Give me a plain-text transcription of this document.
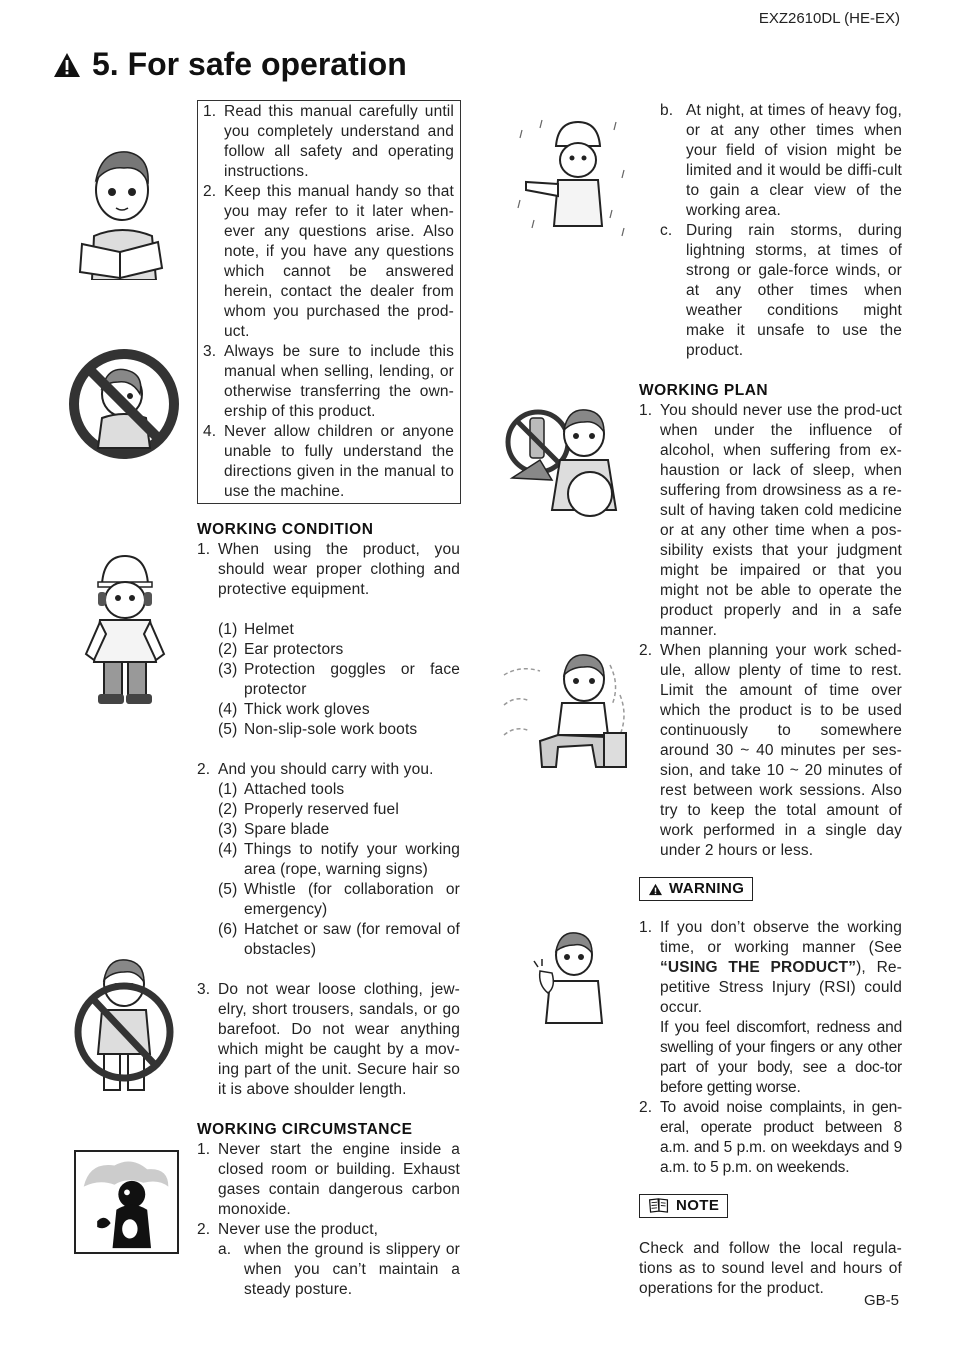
EXZ2610DL (HE-EX)
5. For safe operation
1. Read this manual carefully until you completely understand and follow all safety and operating instructions.
2. Keep this manual handy so that you may refer to it later when-ever any questions arise. Also note, if you have any questions which cannot be answered herein, contact the dealer from whom you purchased the prod-uct.
3. Always be sure to include this manual when selling, lending, or otherwise transferring the own-ership of this product.
4. Never allow children or anyone unable to fully understand the directions given in the manual to use the machine.
WORKING CONDITION
1. When using the product, you should wear proper clothing and protective equipment.
(1) Helmet
(2) Ear protectors
(3) Protection goggles or face protector
(4) Thick work gloves
(5) Non-slip-sole work boots
2. And you should carry with you.
(1) Attached tools
(2) Properly reserved fuel
(3) Spare blade
(4) Things to notify your working area (rope, warning signs)
(5) Whistle (for collaboration or emergency)
(6) Hatchet or saw (for removal of obstacles)
3. Do not wear loose clothing, jew-elry, short trousers, sandals, or go barefoot. Do not wear anything which might be caught by a mov-ing part of the unit. Secure hair so it is above shoulder length.
WORKING CIRCUMSTANCE
1. Never start the engine inside a closed room or building. Exhaust gases contain dangerous carbon monoxide.
2. Never use the product,
a. when the ground is slippery or when you can’t maintain a steady posture.
b. At night, at times of heavy fog, or at any other times when your field of vision might be limited and it would be diffi-cult to gain a clear view of the working area.
c. During rain storms, during lightning storms, at times of strong or gale-force winds, or at any other times when weather conditions might make it unsafe to use the product.
WORKING PLAN
1. You should never use the prod-uct when under the influence of alcohol, when suffering from ex-haustion or lack of sleep, when suffering from drowsiness as a re-sult of having taken cold medicine or at any other time when a pos-sibility exists that your judgment might be impaired or that you might not be able to operate the product properly and in a safe manner.
2. When planning your work sched-ule, allow plenty of time to rest. Limit the amount of time over which the product is to be used continuously to somewhere around 30 ~ 40 minutes per ses-sion, and take 10 ~ 20 minutes of rest between work sessions. Also try to keep the total amount of work performed in a single day under 2 hours or less.
WARNING
1. If you don’t observe the working time, or working manner (See “USING THE PRODUCT”), Re-petitive Stress Injury (RSI) could occur.
If you feel discomfort, redness and swelling of your fingers or any other part of your body, see a doc-tor before getting worse.
2. To avoid noise complaints, in gen-eral, operate product between 8 a.m. and 5 p.m. on weekdays and 9 a.m. to 5 p.m. on weekends.
NOTE
Check and follow the local regula-tions as to sound level and hours of operations for the product.
GB-5
